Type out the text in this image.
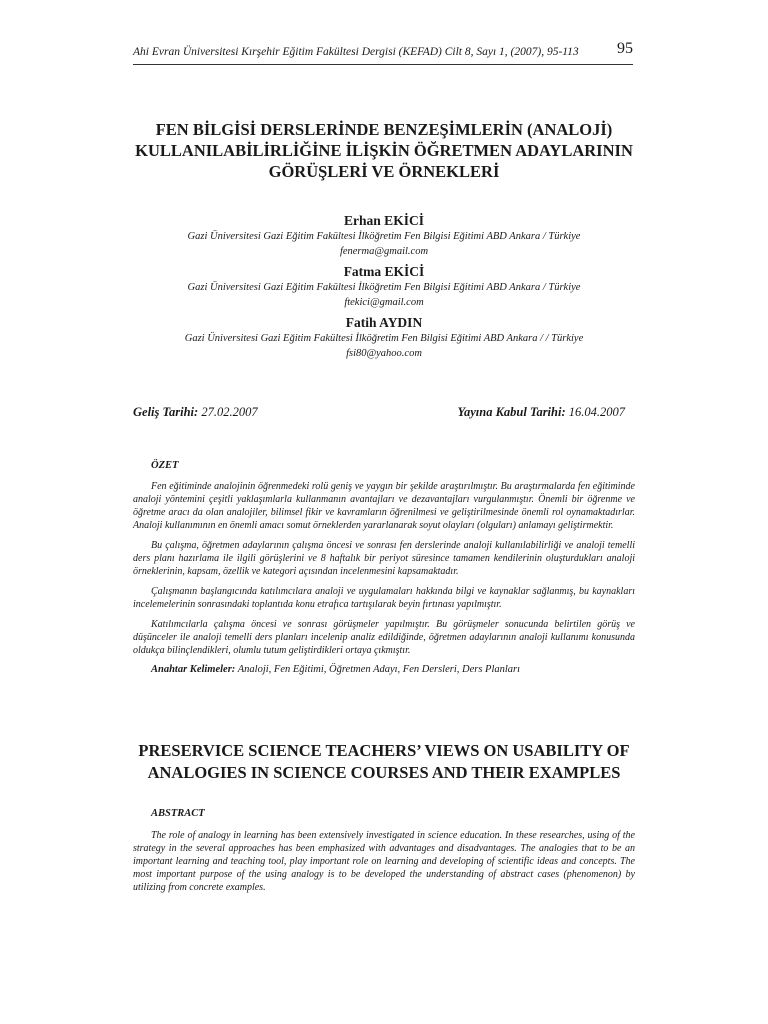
Ahi Evran Üniversitesi Kırşehir Eğitim Fakültesi Dergisi (KEFAD) Cilt 8, Sayı 1, (2007), 95-113 95
FEN BİLGİSİ DERSLERİNDE BENZEŞİMLERİN (ANALOJİ)
KULLANILABİLİRLİĞİNE İLİŞKİN ÖĞRETMEN ADAYLARININ
GÖRÜŞLERİ VE ÖRNEKLERİ
Erhan EKİCİ
Gazi Üniversitesi Gazi Eğitim Fakültesi İlköğretim Fen Bilgisi Eğitimi ABD Ankara / Türkiye
fenerma@gmail.com
Fatma EKİCİ
Gazi Üniversitesi Gazi Eğitim Fakültesi İlköğretim Fen Bilgisi Eğitimi ABD Ankara / Türkiye
ftekici@gmail.com
Fatih AYDIN
Gazi Üniversitesi Gazi Eğitim Fakültesi İlköğretim Fen Bilgisi Eğitimi ABD Ankara / / Türkiye
fsi80@yahoo.com
Geliş Tarihi: 27.02.2007	Yayına Kabul Tarihi: 16.04.2007
ÖZET

Fen eğitiminde analojinin öğrenmedeki rolü geniş ve yaygın bir şekilde araştırılmıştır. Bu araştırmalarda fen eğitiminde analoji yöntemini çeşitli yaklaşımlarla kullanmanın avantajları ve dezavantajları vurgulanmıştır. Önemli bir öğrenme ve öğretme aracı da olan analojiler, bilimsel fikir ve kavramların öğrenilmesi ve geliştirilmesinde önemli rol oynamaktadırlar. Analoji kullanımının en önemli amacı somut örneklerden yararlanarak soyut olayları (olguları) anlamayı geliştirmektir.

Bu çalışma, öğretmen adaylarının çalışma öncesi ve sonrası fen derslerinde analoji kullanılabilirliği ve analoji temelli ders planı hazırlama ile ilgili görüşlerini ve 8 haftalık bir periyot süresince tamamen kendilerinin oluşturdukları analoji örneklerinin, kapsam, özellik ve kategori açısından incelenmesini kapsamaktadır.

Çalışmanın başlangıcında katılımcılara analoji ve uygulamaları hakkında bilgi ve kaynaklar sağlanmış, bu kaynakları incelemelerinin sonrasındaki toplantıda konu etrafıca tartışılarak beyin fırtınası yapılmıştır.

Katılımcılarla çalışma öncesi ve sonrası görüşmeler yapılmıştır. Bu görüşmeler sonucunda belirtilen görüş ve düşünceler ile analoji temelli ders planları incelenip analiz edildiğinde, öğretmen adaylarının analoji kullanımı konusunda oldukça bilinçlendikleri, olumlu tutum geliştirdikleri ortaya çıkmıştır.

Anahtar Kelimeler: Analoji, Fen Eğitimi, Öğretmen Adayı, Fen Dersleri, Ders Planları
PRESERVICE SCIENCE TEACHERS’ VIEWS ON USABILITY OF
ANALOGIES IN SCIENCE COURSES AND THEIR EXAMPLES
ABSTRACT

The role of analogy in learning has been extensively investigated in science education. In these researches, using of the strategy in the several approaches has been emphasized with advantages and disadvantages. The analogies that to be an important learning and teaching tool, play important role on learning and developing of scientific ideas and concepts. The most important purpose of the using analogy is to be developed the understanding of abstract cases (phenomenon) by utilizing from concrete examples.
